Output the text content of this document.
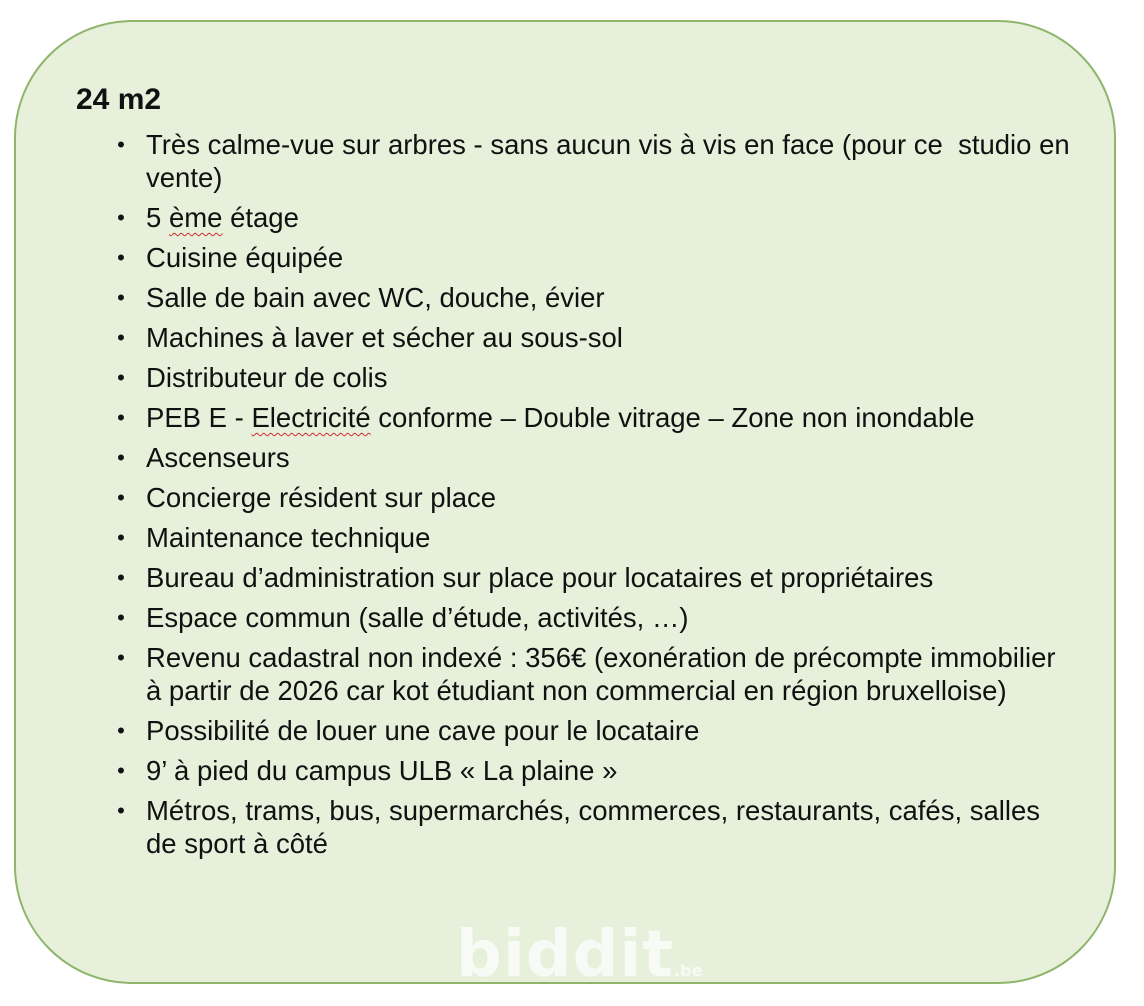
24 m2
• Très calme-vue sur arbres - sans aucun vis à vis en face (pour ce  studio en vente)
• 5 ème étage
• Cuisine équipée
• Salle de bain avec WC, douche, évier
• Machines à laver et sécher au sous-sol
• Distributeur de colis
• PEB E - Electricité conforme – Double vitrage – Zone non inondable
• Ascenseurs
• Concierge résident sur place
• Maintenance technique
• Bureau d’administration sur place pour locataires et propriétaires
• Espace commun (salle d’étude, activités, …)
• Revenu cadastral non indexé : 356€ (exonération de précompte immobilier à partir de 2026 car kot étudiant non commercial en région bruxelloise)
• Possibilité de louer une cave pour le locataire
• 9’ à pied du campus ULB « La plaine »
• Métros, trams, bus, supermarchés, commerces, restaurants, cafés, salles de sport à côté
biddit.be
